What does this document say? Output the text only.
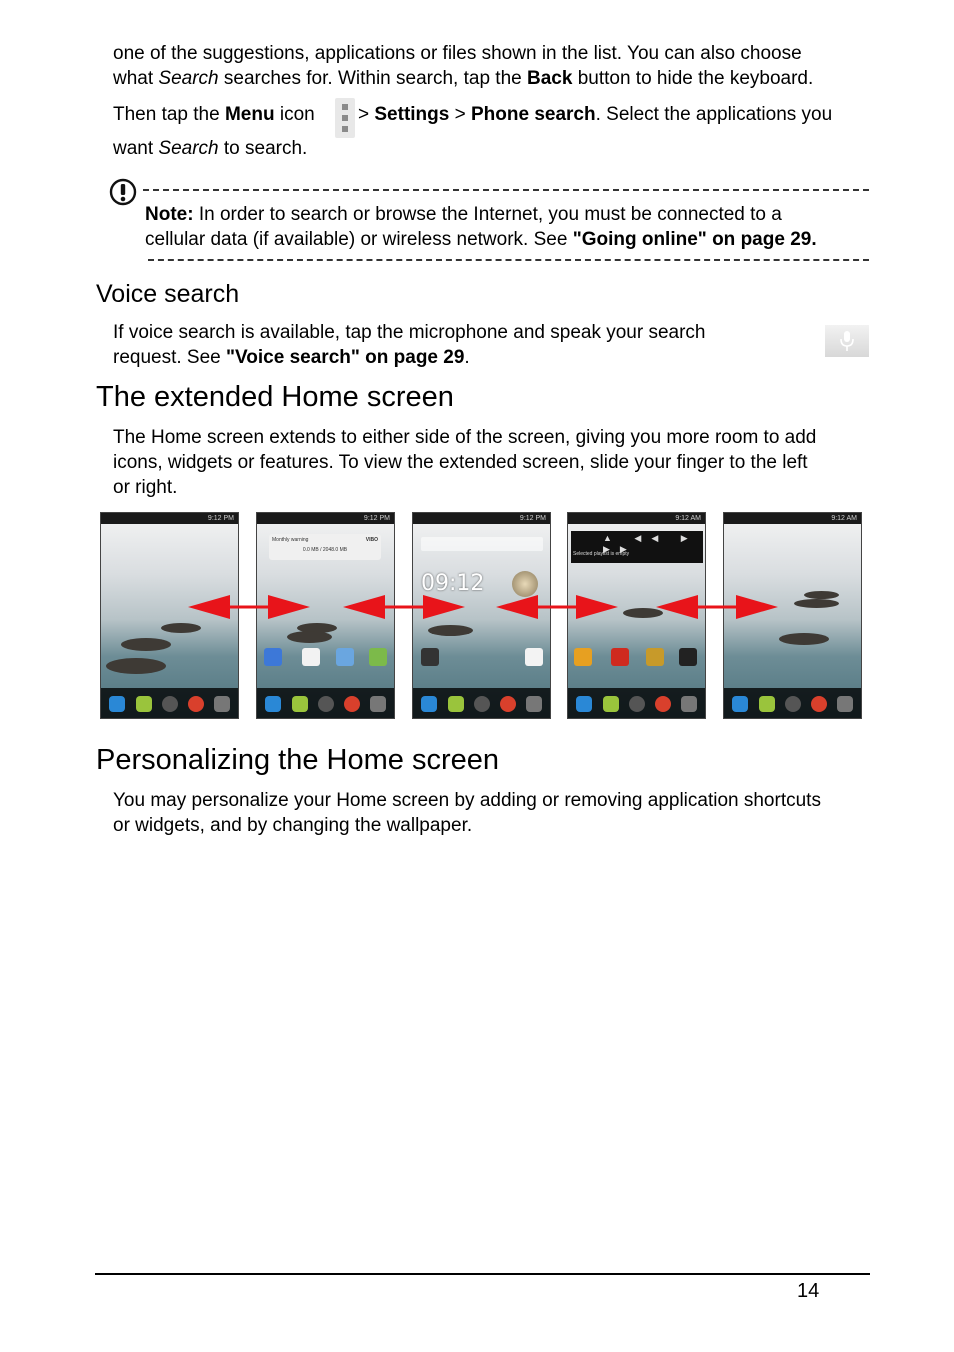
one of the suggestions, applications or files shown in the list. You can also choose

what Search searches for. Within search, tap the Back button to hide the keyboard.

Then tap the Menu icon > Settings > Phone search. Select the applications you

want Search to search.

Note: In order to search or browse the Internet, you must be connected to a

cellular data (if available) or wireless network. See "Going online" on page 29.

Voice search

If voice search is available, tap the microphone and speak your search

request. See "Voice search" on page 29.

The extended Home screen

The Home screen extends to either side of the screen, giving you more room to add

icons, widgets or features. To view the extended screen, slide your finger to the left

or right.

9:12 PM	9:12 PM
Monthly warning	VIBO
0.0 MB / 2048.0 MB
9:12 PM
09:12
9:12 AM
▲ ◀◀ ▶ ▶▶
Selected playlist is empty
9:12 AM
Personalizing the Home screen

You may personalize your Home screen by adding or removing application shortcuts

or widgets, and by changing the wallpaper.

14
